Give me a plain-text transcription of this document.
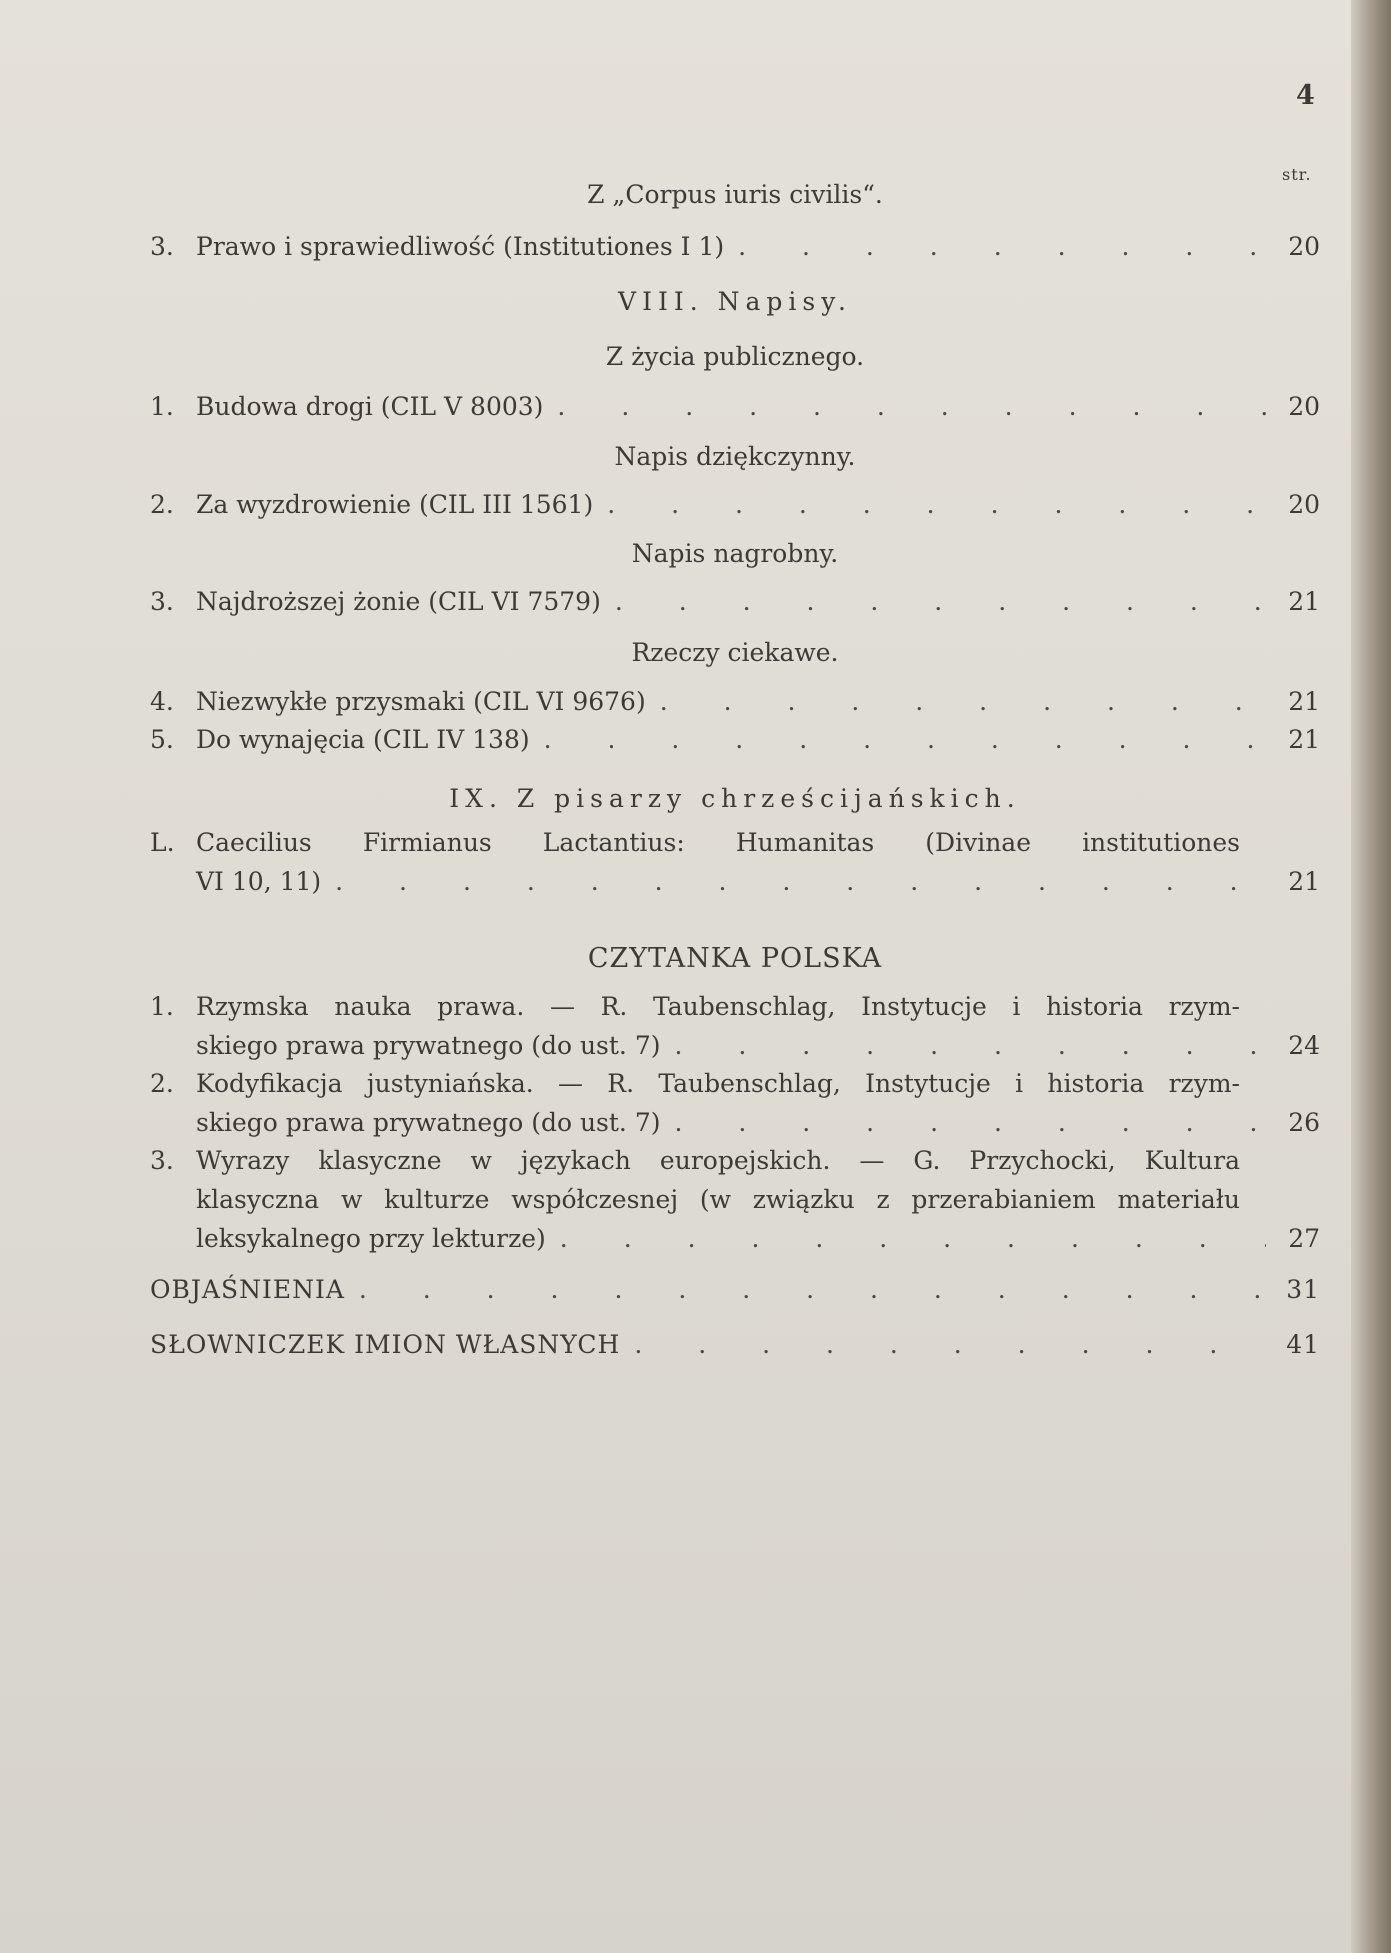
4
str.
Z „Corpus iuris civilis“.
3. Prawo i sprawiedliwość (Institutiones I 1) . . .	20
VIII. Napisy.
Z życia publicznego.
1. Budowa drogi (CIL V 8003) . . .	20
Napis dziękczynny.
2. Za wyzdrowienie (CIL III 1561) . . .	20
Napis nagrobny.
3. Najdroższej żonie (CIL VI 7579) . . .	21
Rzeczy ciekawe.
4. Niezwykłe przysmaki (CIL VI 9676) . . .	21
5. Do wynajęcia (CIL IV 138) . . .	21
IX. Z pisarzy chrześcijańskich.
L. Caecilius Firmianus Lactantius: Humanitas (Divinae institutiones
VI 10, 11) . . .	21
CZYTANKA POLSKA
1. Rzymska nauka prawa. — R. Taubenschlag, Instytucje i historia rzym-
skiego prawa prywatnego (do ust. 7) . . .	24
2. Kodyfikacja justyniańska. — R. Taubenschlag, Instytucje i historia rzym-
skiego prawa prywatnego (do ust. 7) . . .	26
3. Wyrazy klasyczne w językach europejskich. — G. Przychocki, Kultura
klasyczna w kulturze współczesnej (w związku z przerabianiem materiału
leksykalnego przy lekturze) . . .	27
OBJAŚNIENIA . . .	31
SŁOWNICZEK IMION WŁASNYCH . . .	41
